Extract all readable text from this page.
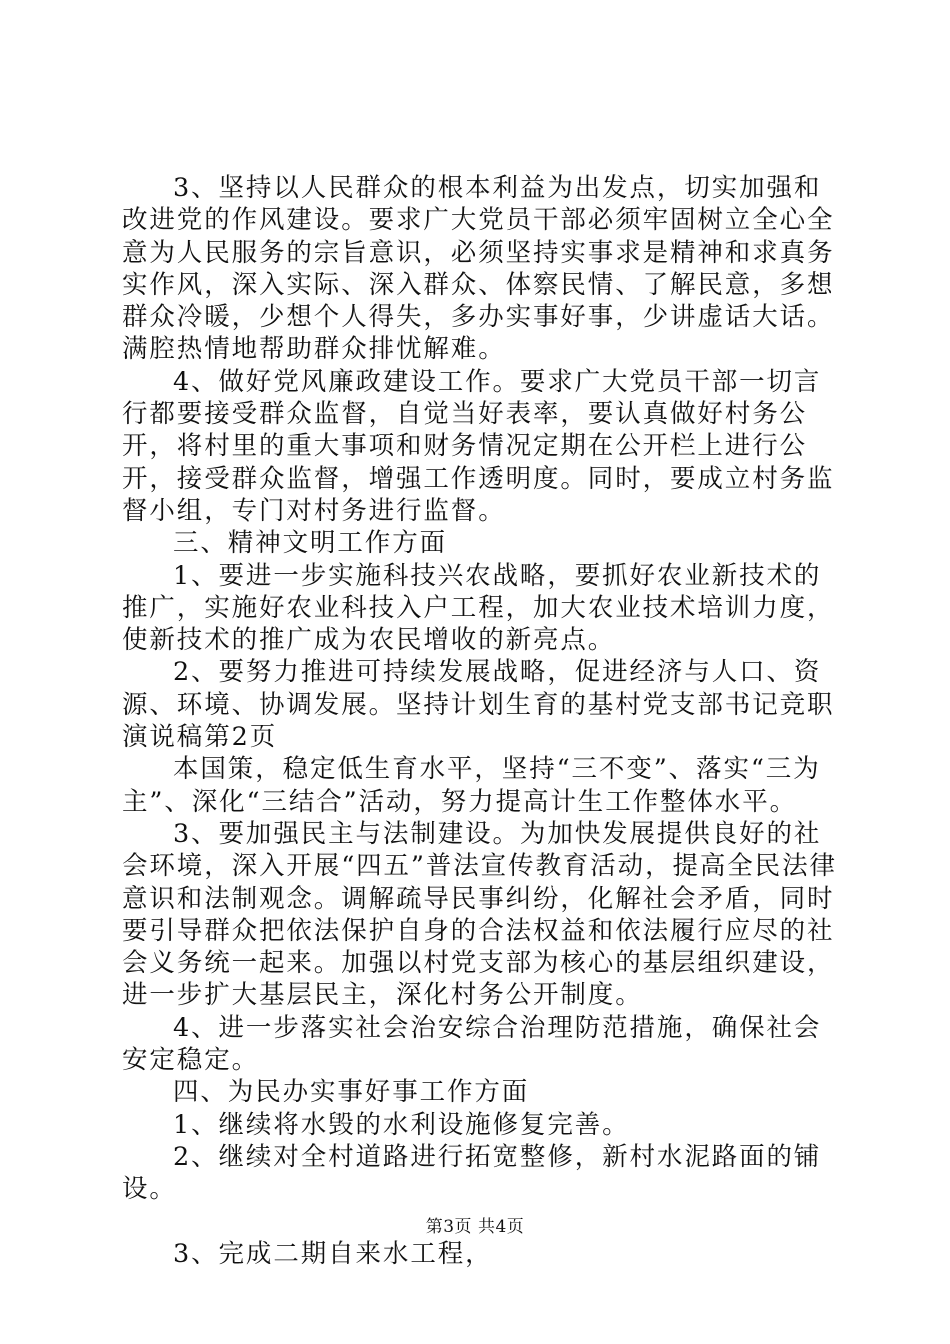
3、坚持以人民群众的根本利益为出发点，切实加强和改进党的作风建设。要求广大党员干部必须牢固树立全心全意为人民服务的宗旨意识，必须坚持实事求是精神和求真务实作风，深入实际、深入群众、体察民情、了解民意，多想群众冷暖，少想个人得失，多办实事好事，少讲虚话大话。满腔热情地帮助群众排忧解难。

4、做好党风廉政建设工作。要求广大党员干部一切言行都要接受群众监督，自觉当好表率，要认真做好村务公开，将村里的重大事项和财务情况定期在公开栏上进行公开，接受群众监督，增强工作透明度。同时，要成立村务监督小组，专门对村务进行监督。

三、精神文明工作方面

1、要进一步实施科技兴农战略，要抓好农业新技术的推广，实施好农业科技入户工程，加大农业技术培训力度，使新技术的推广成为农民增收的新亮点。

2、要努力推进可持续发展战略，促进经济与人口、资源、环境、协调发展。坚持计划生育的基村党支部书记竞职演说稿第2页

本国策，稳定低生育水平，坚持“三不变”、落实“三为主”、深化“三结合”活动，努力提高计生工作整体水平。

3、要加强民主与法制建设。为加快发展提供良好的社会环境，深入开展“四五”普法宣传教育活动，提高全民法律意识和法制观念。调解疏导民事纠纷，化解社会矛盾，同时要引导群众把依法保护自身的合法权益和依法履行应尽的社会义务统一起来。加强以村党支部为核心的基层组织建设，进一步扩大基层民主，深化村务公开制度。

4、进一步落实社会治安综合治理防范措施，确保社会安定稳定。

四、为民办实事好事工作方面

1、继续将水毁的水利设施修复完善。

2、继续对全村道路进行拓宽整修，新村水泥路面的铺设。

3、完成二期自来水工程，

第3页 共4页
